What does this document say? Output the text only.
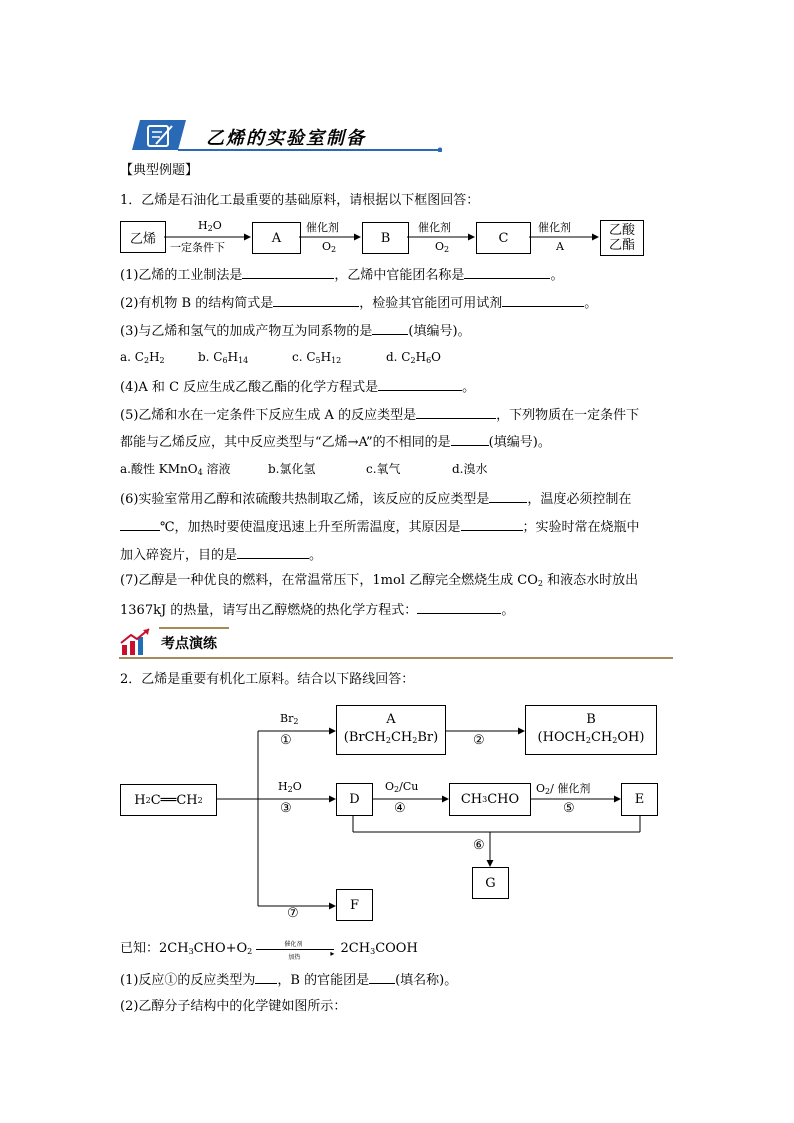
乙烯的实验室制备
【典型例题】
1．乙烯是石油化工最重要的基础原料，请根据以下框图回答：
乙烯	A	B	C	乙酸
乙酯
$H_2O$
一定条件下
催化剂
$O_2$
催化剂
$O_2$
催化剂
A
(1)乙烯的工业制法是	，乙烯中官能团名称是	。
(2)有机物 B 的结构简式是	，检验其官能团可用试剂	。
(3)与乙烯和氢气的加成产物互为同系物的是	(填编号)。
a. $C_2H_2$	b. $C_6H_{14}$	c. $C_5H_{12}$	d. $C_2H_6O$
(4)A 和 C 反应生成乙酸乙酯的化学方程式是	。
(5)乙烯和水在一定条件下反应生成 A 的反应类型是	，下列物质在一定条件下
都能与乙烯反应，其中反应类型与“乙烯→A”的不相同的是	(填编号)。
a.酸性 KMnO$_4$ 溶液	b.氯化氢	c.氧气	d.溴水
(6)实验室常用乙醇和浓硫酸共热制取乙烯，该反应的反应类型是	，温度必须控制在
℃，加热时要使温度迅速上升至所需温度，其原因是	；实验时常在烧瓶中
加入碎瓷片，目的是	。
(7)乙醇是一种优良的燃料，在常温常压下，1mol 乙醇完全燃烧生成 $CO_2$ 和液态水时放出
1367kJ 的热量，请写出乙醇燃烧的热化学方程式：	。
考点演练
2．乙烯是重要有机化工原料。结合以下路线回答：
H 2 C══CH 2
A
$(BrCH_2CH_2Br)$
B
$(HOCH_2CH_2OH)$
D	CH 3 CHO	E
G
F
$Br_2$
①	②
$H_2O$
③
$O_2/Cu$
④
$O_2/$ 催化剂
⑤
⑥
⑦
已知：$2CH_3CHO+O_2$
催化剂
▸
加热
$2CH_3COOH$
(1)反应①的反应类型为 ，B 的官能团是 (填名称)。
(2)乙醇分子结构中的化学键如图所示：
